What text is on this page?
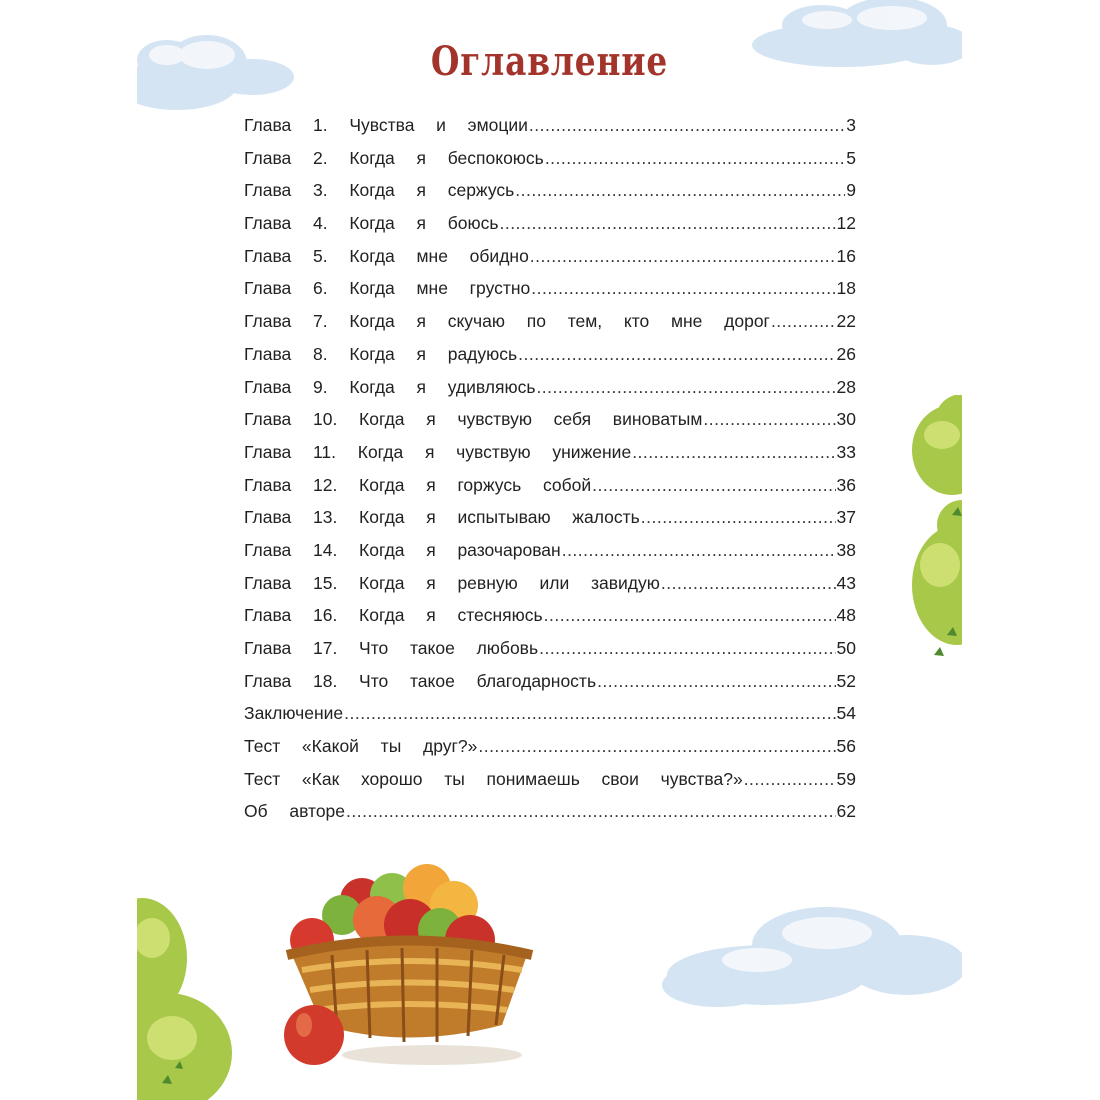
Оглавление
Глава  1.  Чувства  и  эмоции .....	3
Глава  2.  Когда  я  беспокоюсь .....	5
Глава  3.  Когда  я  сержусь .....	9
Глава  4.  Когда  я  боюсь .....	12
Глава  5.  Когда  мне  обидно .....	16
Глава  6.  Когда  мне  грустно .....	18
Глава  7.  Когда  я  скучаю  по  тем,  кто  мне  дорог .....	22
Глава  8.  Когда  я  радуюсь .....	26
Глава  9.  Когда  я  удивляюсь .....	28
Глава  10.  Когда  я  чувствую  себя  виноватым .....	30
Глава  11.  Когда  я  чувствую  унижение .....	33
Глава  12.  Когда  я  горжусь  собой .....	36
Глава  13.  Когда  я  испытываю  жалость .....	37
Глава  14.  Когда  я  разочарован .....	38
Глава  15.  Когда  я  ревную  или  завидую .....	43
Глава  16.  Когда  я  стесняюсь .....	48
Глава  17.  Что  такое  любовь .....	50
Глава  18.  Что  такое  благодарность .....	52
Заключение .....	54
Тест  «Какой  ты  друг?» .....	56
Тест  «Как  хорошо  ты  понимаешь  свои  чувства?» .....	59
Об  авторе .....	62
